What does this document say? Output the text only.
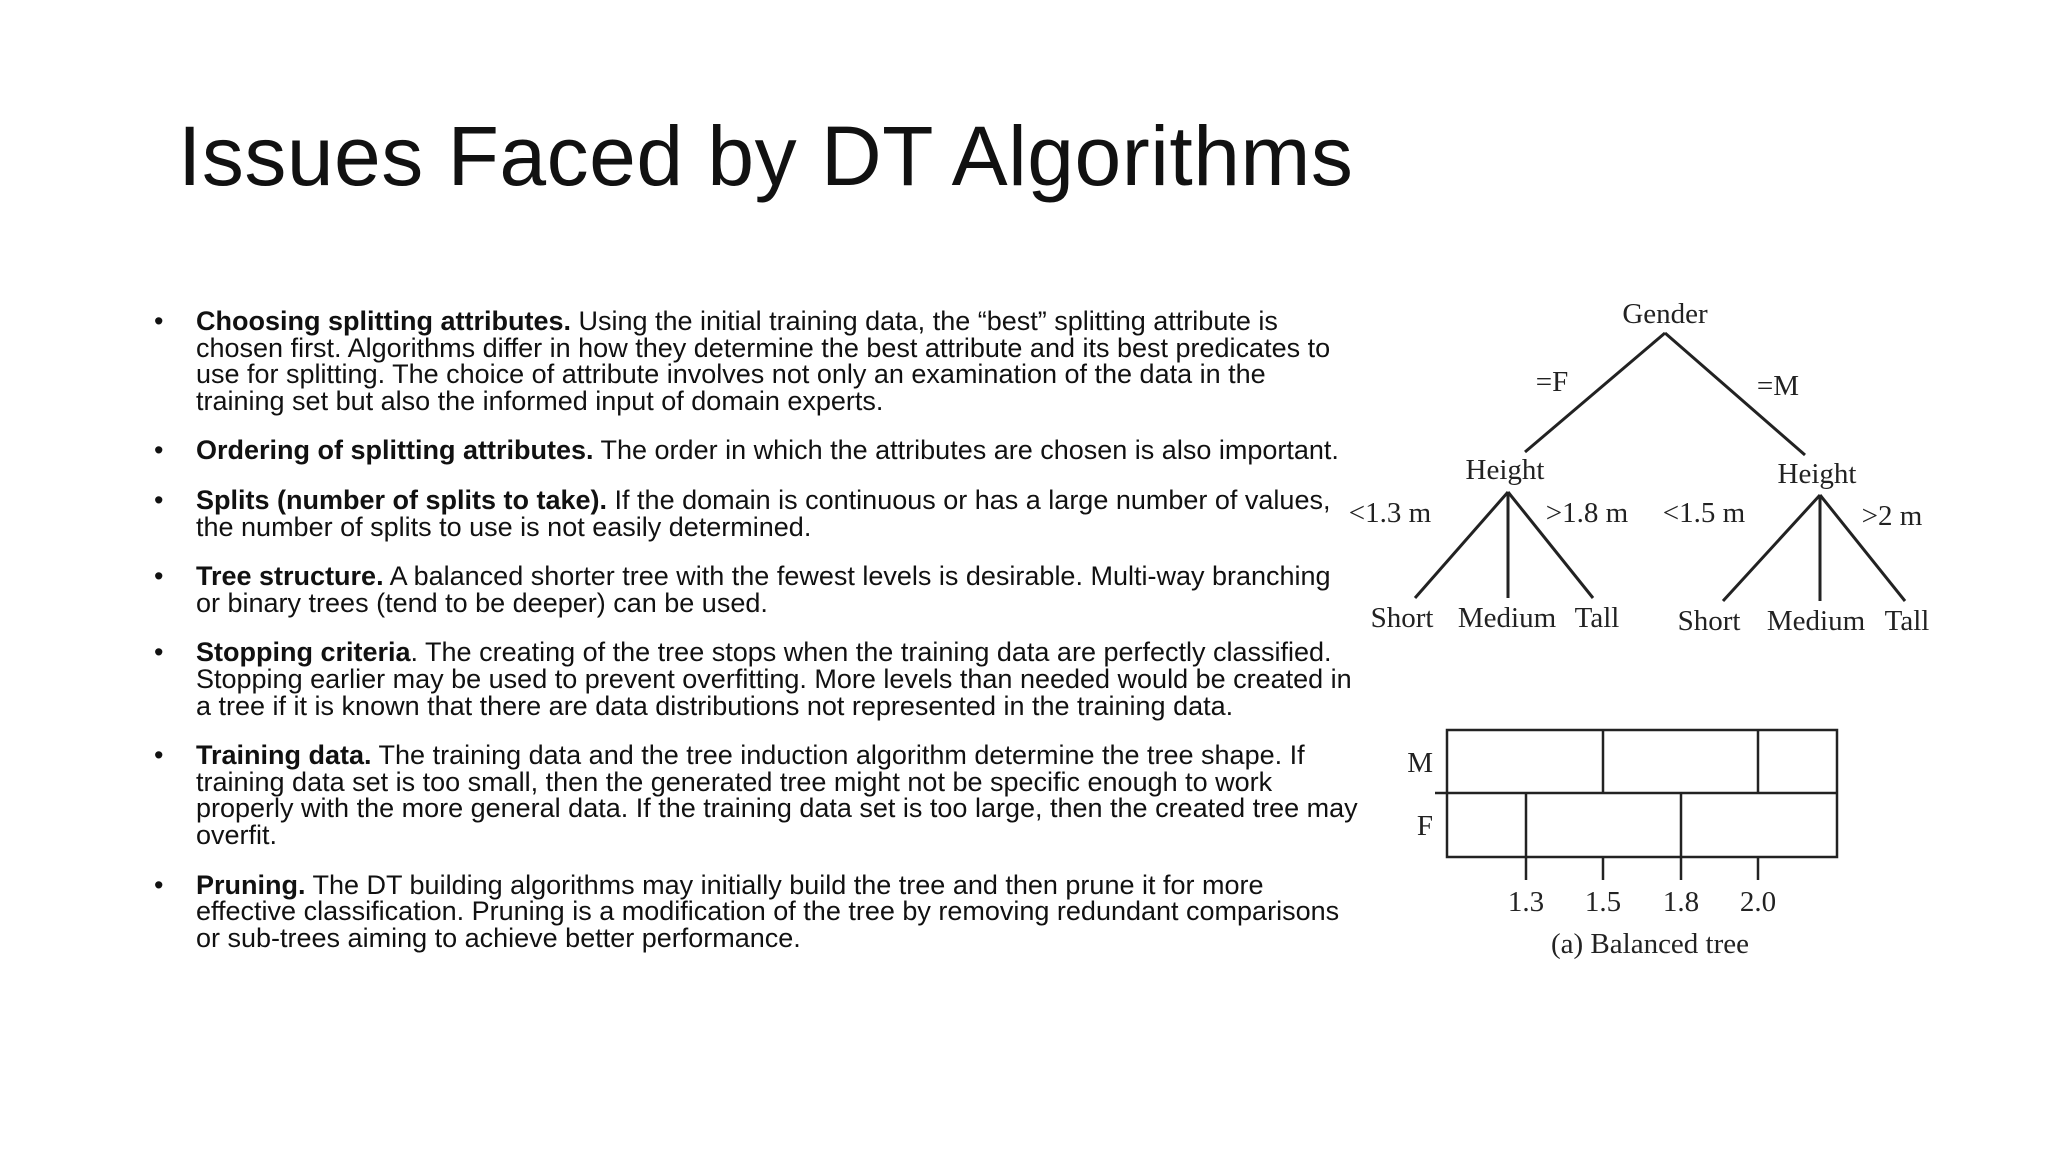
Issues Faced by DT Algorithms
• Choosing splitting attributes. Using the initial training data, the “best” splitting attribute is chosen first. Algorithms differ in how they determine the best attribute and its best predicates to use for splitting. The choice of attribute involves not only an examination of the data in the training set but also the informed input of domain experts.
• Ordering of splitting attributes. The order in which the attributes are chosen is also important.
• Splits (number of splits to take). If the domain is continuous or has a large number of values, the number of splits to use is not easily determined.
• Tree structure. A balanced shorter tree with the fewest levels is desirable. Multi-way branching or binary trees (tend to be deeper) can be used.
• Stopping criteria. The creating of the tree stops when the training data are perfectly classified. Stopping earlier may be used to prevent overfitting. More levels than needed would be created in a tree if it is known that there are data distributions not represented in the training data.
• Training data. The training data and the tree induction algorithm determine the tree shape. If training data set is too small, then the generated tree might not be specific enough to work properly with the more general data. If the training data set is too large, then the created tree may overfit.
• Pruning. The DT building algorithms may initially build the tree and then prune it for more effective classification. Pruning is a modification of the tree by removing redundant comparisons or sub-trees aiming to achieve better performance.
Gender
=F	=M
Height	Height
<1.3 m	>1.8 m <1.5 m	>2 m
Short Medium Tall Short Medium Tall
M
F
1.3 1.5 1.8 2.0
(a) Balanced tree
